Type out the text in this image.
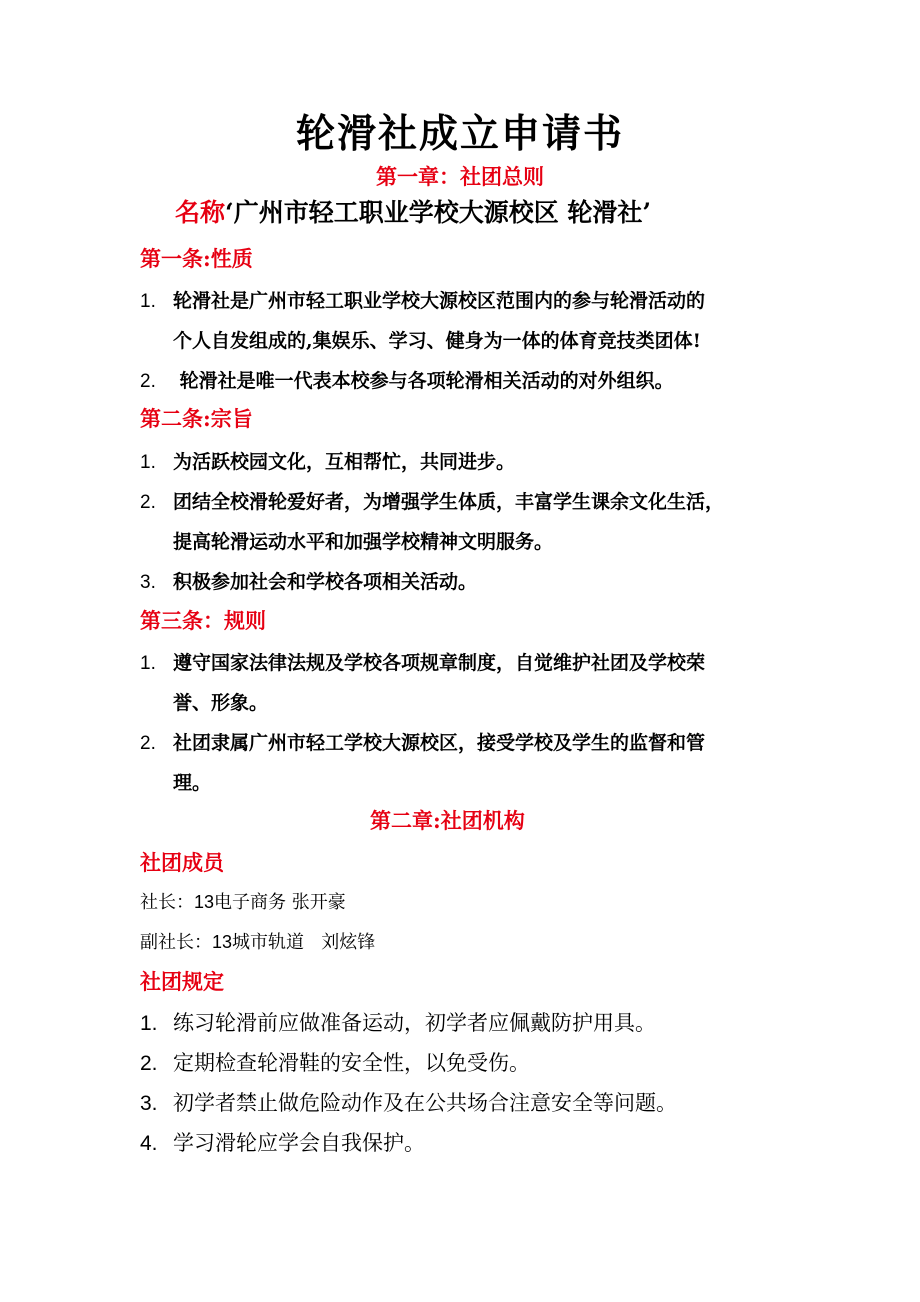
轮滑社成立申请书
第一章：社团总则
名称‘广州市轻工职业学校大源校区 轮滑社’
第一条:性质
1. 轮滑社是广州市轻工职业学校大源校区范围内的参与轮滑活动的
个人自发组成的,集娱乐、学习、健身为一体的体育竞技类团体!
2. 轮滑社是唯一代表本校参与各项轮滑相关活动的对外组织。
第二条:宗旨
1. 为活跃校园文化，互相帮忙，共同进步。
2. 团结全校滑轮爱好者，为增强学生体质，丰富学生课余文化生活，
提高轮滑运动水平和加强学校精神文明服务。
3. 积极参加社会和学校各项相关活动。
第三条：规则
1. 遵守国家法律法规及学校各项规章制度，自觉维护社团及学校荣
誉、形象。
2. 社团隶属广州市轻工学校大源校区，接受学校及学生的监督和管
理。
第二章:社团机构
社团成员
社长：13电子商务 张开豪
副社长：13城市轨道   刘炫锋
社团规定
1. 练习轮滑前应做准备运动，初学者应佩戴防护用具。
2. 定期检查轮滑鞋的安全性，以免受伤。
3. 初学者禁止做危险动作及在公共场合注意安全等问题。
4. 学习滑轮应学会自我保护。
